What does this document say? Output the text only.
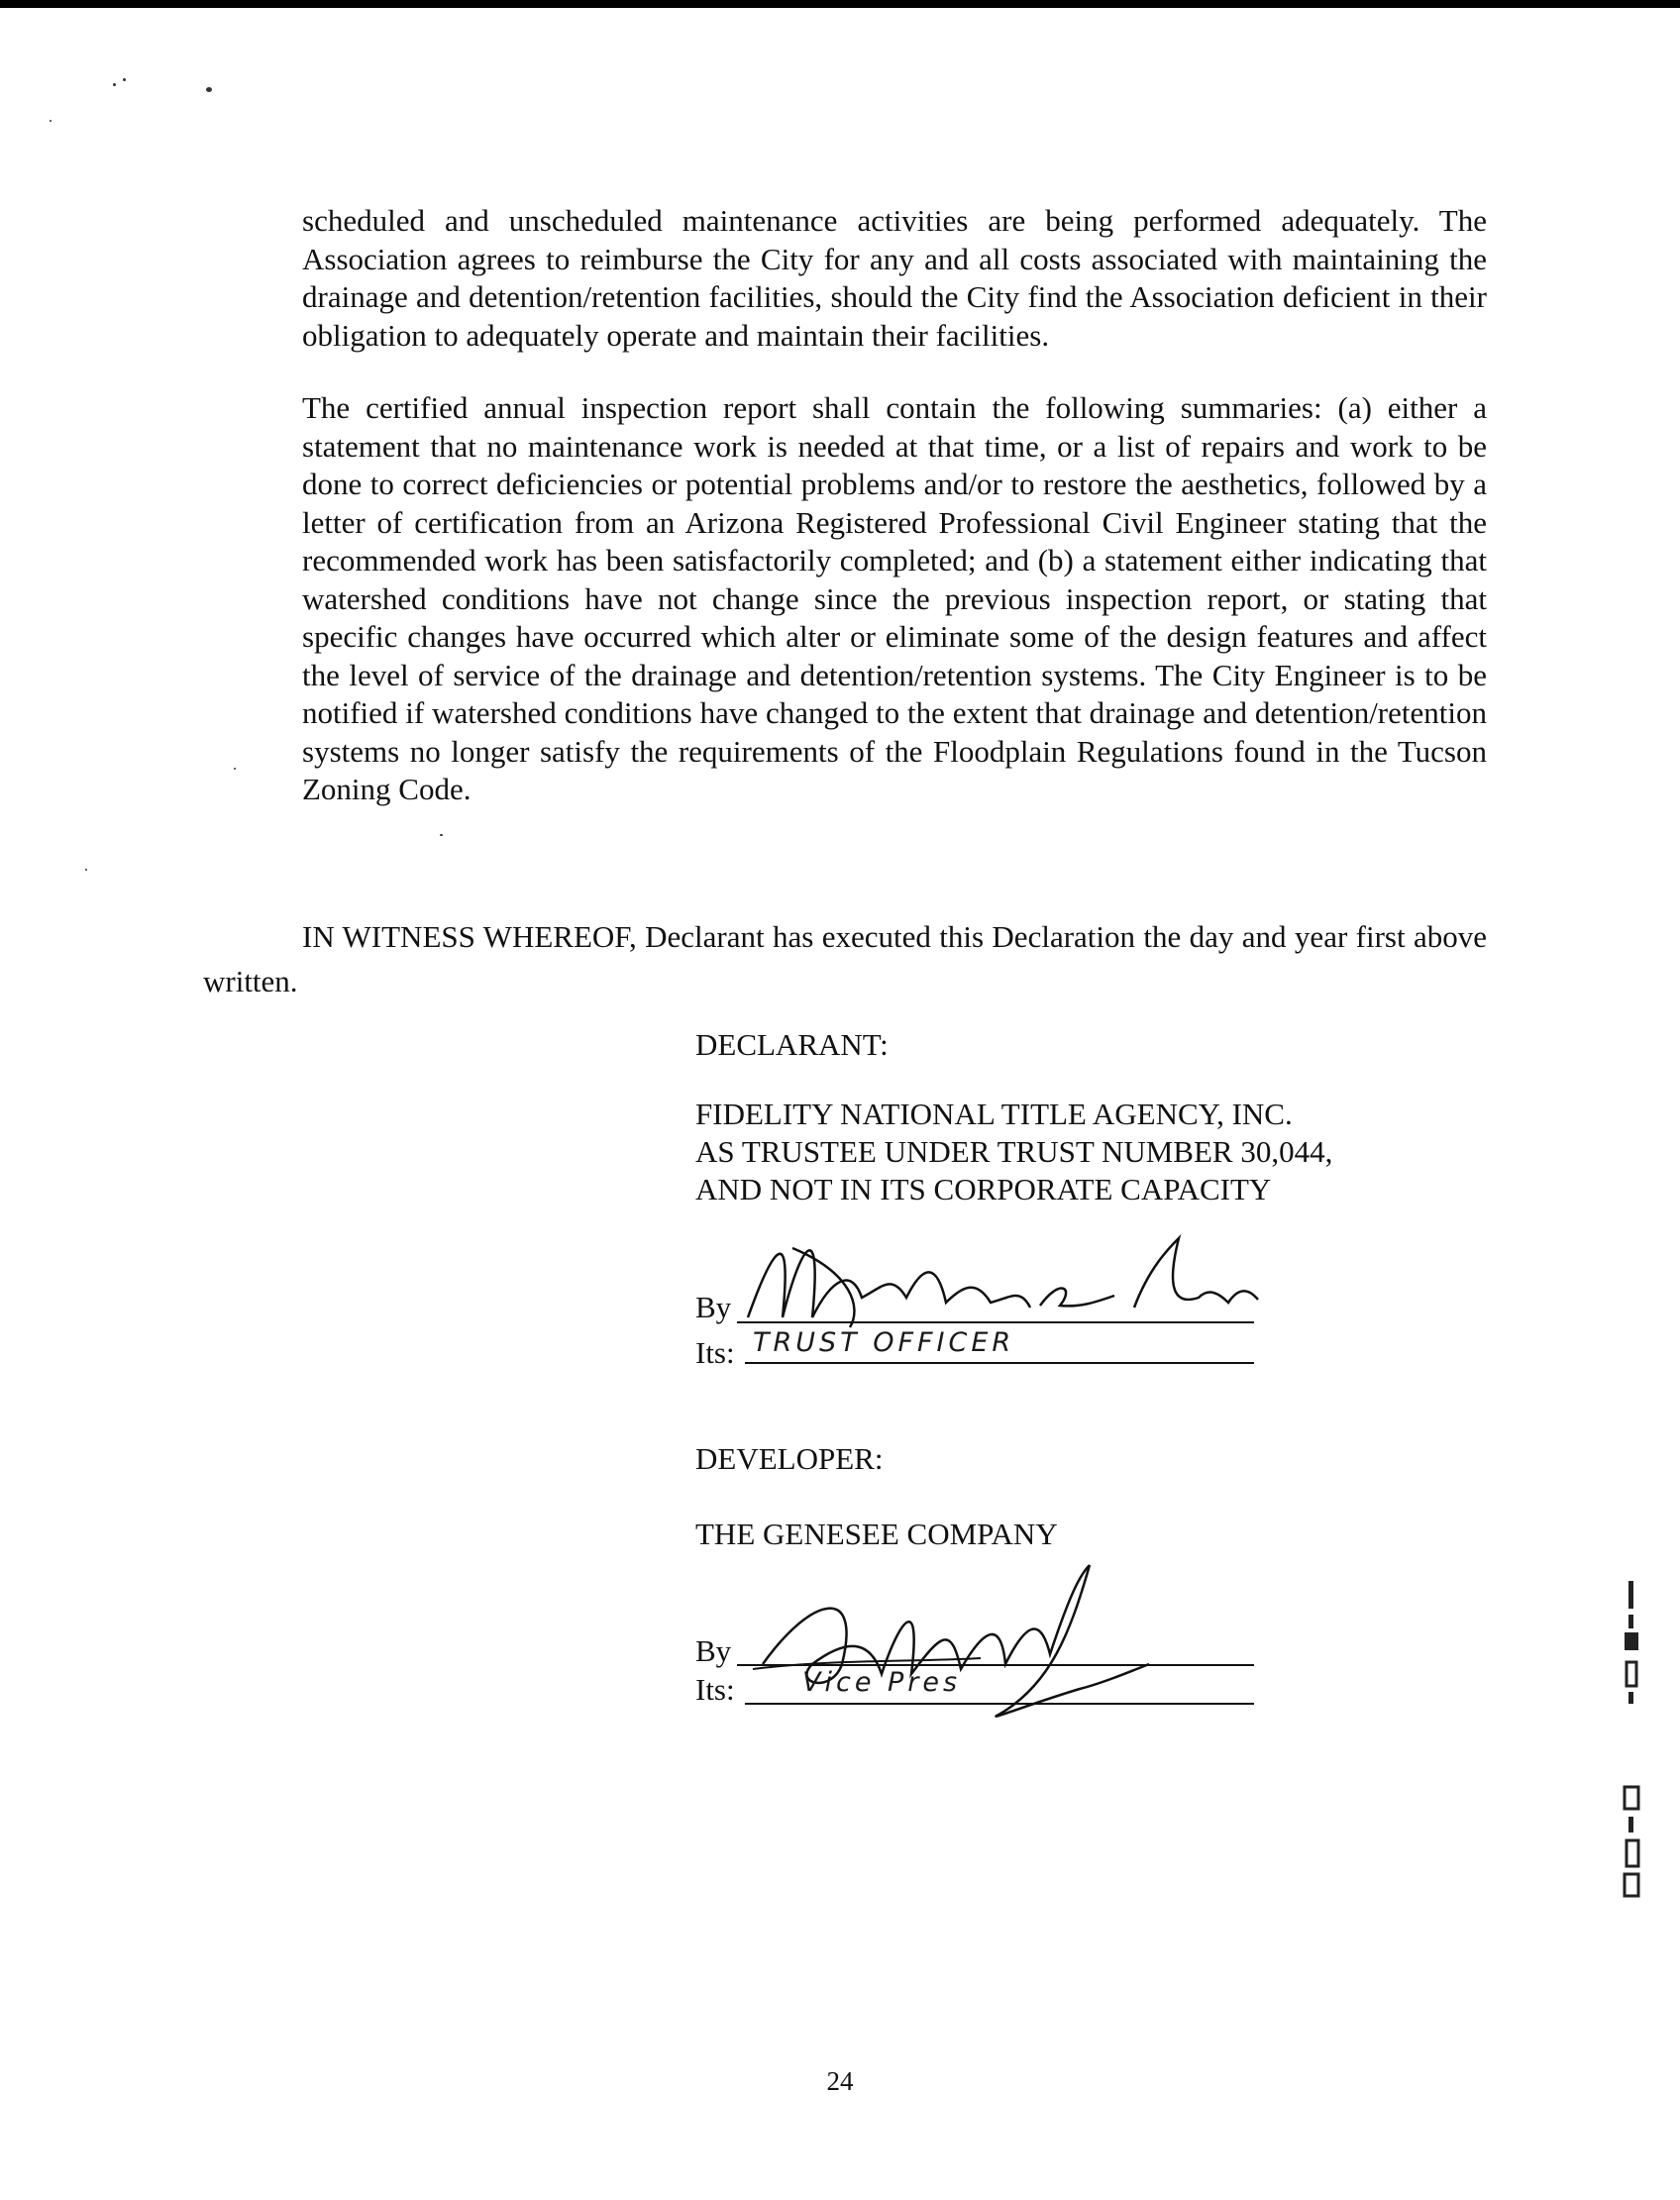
scheduled and unscheduled maintenance activities are being performed adequately. The Association agrees to reimburse the City for any and all costs associated with maintaining the drainage and detention/retention facilities, should the City find the Association deficient in their obligation to adequately operate and maintain their facilities.

The certified annual inspection report shall contain the following summaries: (a) either a statement that no maintenance work is needed at that time, or a list of repairs and work to be done to correct deficiencies or potential problems and/or to restore the aesthetics, followed by a letter of certification from an Arizona Registered Professional Civil Engineer stating that the recommended work has been satisfactorily completed; and (b) a statement either indicating that watershed conditions have not change since the previous inspection report, or stating that specific changes have occurred which alter or eliminate some of the design features and affect the level of service of the drainage and detention/retention systems. The City Engineer is to be notified if watershed conditions have changed to the extent that drainage and detention/retention systems no longer satisfy the requirements of the Floodplain Regulations found in the Tucson Zoning Code.

IN WITNESS WHEREOF, Declarant has executed this Declaration the day and year first above written.

DECLARANT:
FIDELITY NATIONAL TITLE AGENCY, INC.
AS TRUSTEE UNDER TRUST NUMBER 30,044,
AND NOT IN ITS CORPORATE CAPACITY
By
Its: TRUST OFFICER
DEVELOPER:
THE GENESEE COMPANY
By
Its:	Vice Pres
24
